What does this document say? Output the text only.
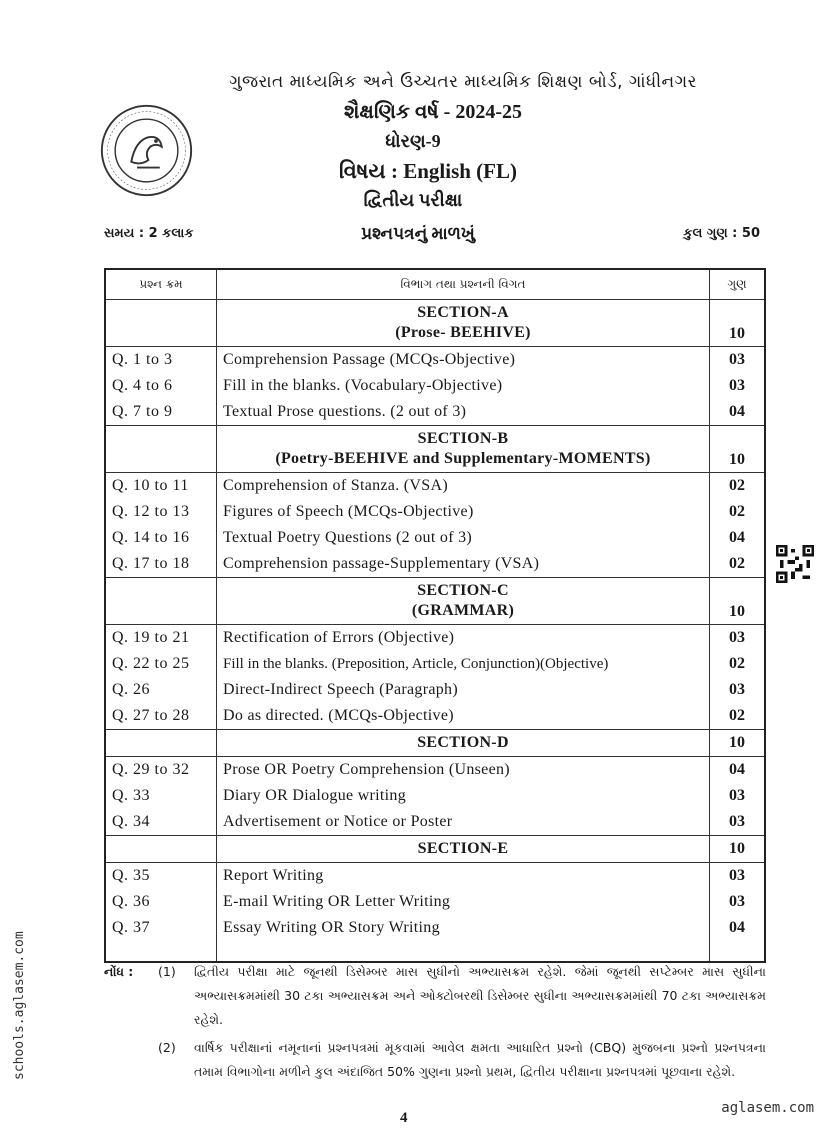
ગુજરાત માધ્યમિક અને ઉચ્ચતર માધ્યમિક શિક્ષણ બોર્ડ, ગાંધીનગર
શૈક્ષણિક વર્ષ - 2024-25
ધોરણ-9
વિષય : English (FL)
દ્વિતીય પરીક્ષા
પ્રશ્નપત્રનું માળખું
સમય : 2 કલાક	કુલ ગુણ : 50
પ્રશ્ન ક્રમ	વિભાગ તથા પ્રશ્નની વિગત	ગુણ

	SECTION-A
(Prose- BEEHIVE)	10
Q. 1 to 3	Comprehension Passage (MCQs-Objective)	03
Q. 4 to 6	Fill in the blanks. (Vocabulary-Objective)	03
Q. 7 to 9	Textual Prose questions. (2 out of 3)	04

	SECTION-B
(Poetry-BEEHIVE and Supplementary-MOMENTS)	10
Q. 10 to 11	Comprehension of Stanza. (VSA)	02
Q. 12 to 13	Figures of Speech (MCQs-Objective)	02
Q. 14 to 16	Textual Poetry Questions (2 out of 3)	04
Q. 17 to 18	Comprehension passage-Supplementary (VSA)	02

	SECTION-C
(GRAMMAR)	10
Q. 19 to 21	Rectification of Errors (Objective)	03
Q. 22 to 25	Fill in the blanks. (Preposition, Article, Conjunction)(Objective)	02
Q. 26	Direct-Indirect Speech (Paragraph)	03
Q. 27 to 28	Do as directed. (MCQs-Objective)	02
	SECTION-D	10
Q. 29 to 32	Prose OR Poetry Comprehension (Unseen)	04
Q. 33	Diary OR Dialogue writing	03
Q. 34	Advertisement or Notice or Poster	03
	SECTION-E	10
Q. 35	Report Writing	03
Q. 36	E-mail Writing OR Letter Writing	03
Q. 37	Essay Writing OR Story Writing	04

નોંધ :	(1)	દ્વિતીય પરીક્ષા માટે જૂનથી ડિસેમ્બર માસ સુધીનો અભ્યાસક્રમ રહેશે. જેમાં જૂનથી સપ્ટેમ્બર માસ સુધીના અભ્યાસક્રમમાંથી 30 ટકા અભ્યાસક્રમ અને ઓક્ટોબરથી ડિસેમ્બર સુધીના અભ્યાસક્રમમાંથી 70 ટકા અભ્યાસક્રમ રહેશે.
(2)	વાર્ષિક પરીક્ષાનાં નમૂનાનાં પ્રશ્નપત્રમાં મૂકવામાં આવેલ ક્ષમતા આધારિત પ્રશ્નો (CBQ) મુજબના પ્રશ્નો પ્રશ્નપત્રના તમામ વિભાગોના મળીને કુલ અંદાજિત 50% ગુણના પ્રશ્નો પ્રથમ, દ્વિતીય પરીક્ષાના પ્રશ્નપત્રમાં પૂછવાના રહેશે.
4
schools.aglasem.com
aglasem.com
